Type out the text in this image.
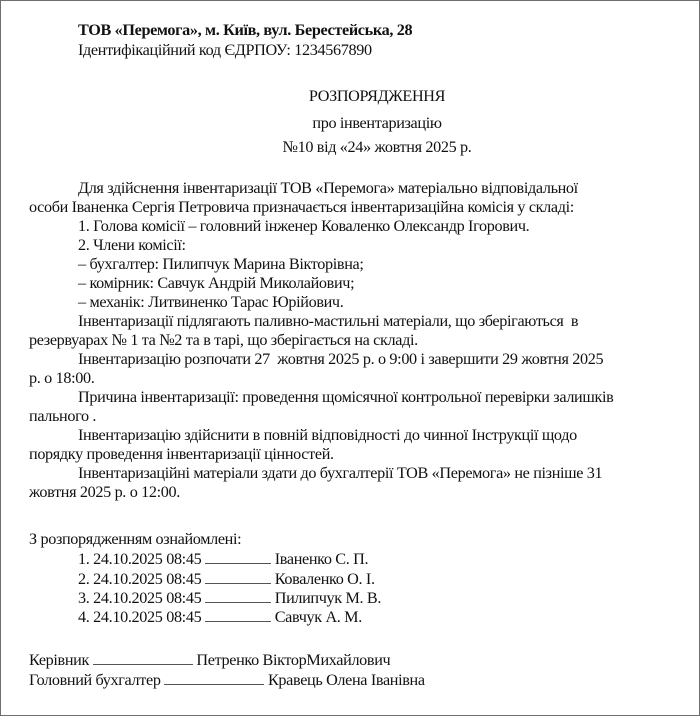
ТОВ «Перемога», м. Київ, вул. Берестейська, 28
Ідентифікаційний код ЄДРПОУ: 1234567890
РОЗПОРЯДЖЕННЯ
про інвентаризацію
№10 від «24» жовтня 2025 р.
Для здійснення інвентаризації ТОВ «Перемога» матеріально відповідальної
особи Іваненка Сергія Петровича призначається інвентаризаційна комісія у складі:
1. Голова комісії – головний інженер Коваленко Олександр Ігорович.
2. Члени комісії:
– бухгалтер: Пилипчук Марина Вікторівна;
– комірник: Савчук Андрій Миколайович;
– механік: Литвиненко Тарас Юрійович.
Інвентаризації підлягають паливно-мастильні матеріали, що зберігаються  в
резервуарах № 1 та №2 та в тарі, що зберігається на складі.
Інвентаризацію розпочати 27  жовтня 2025 р. о 9:00 і завершити 29 жовтня 2025
р. о 18:00.
Причина інвентаризації: проведення щомісячної контрольної перевірки залишків
пального .
Інвентаризацію здійснити в повній відповідності до чинної Інструкції щодо
порядку проведення інвентаризації цінностей.
Інвентаризаційні матеріали здати до бухгалтерії ТОВ «Перемога» не пізніше 31
жовтня 2025 р. о 12:00.
З розпорядженням ознайомлені:
1. 24.10.2025 08:45	Іваненко С. П.
2. 24.10.2025 08:45	Коваленко О. І.
3. 24.10.2025 08:45	Пилипчук М. В.
4. 24.10.2025 08:45	Савчук А. М.
Керівник	Петренко ВікторМихайлович
Головний бухгалтер	Кравець Олена Іванівна
